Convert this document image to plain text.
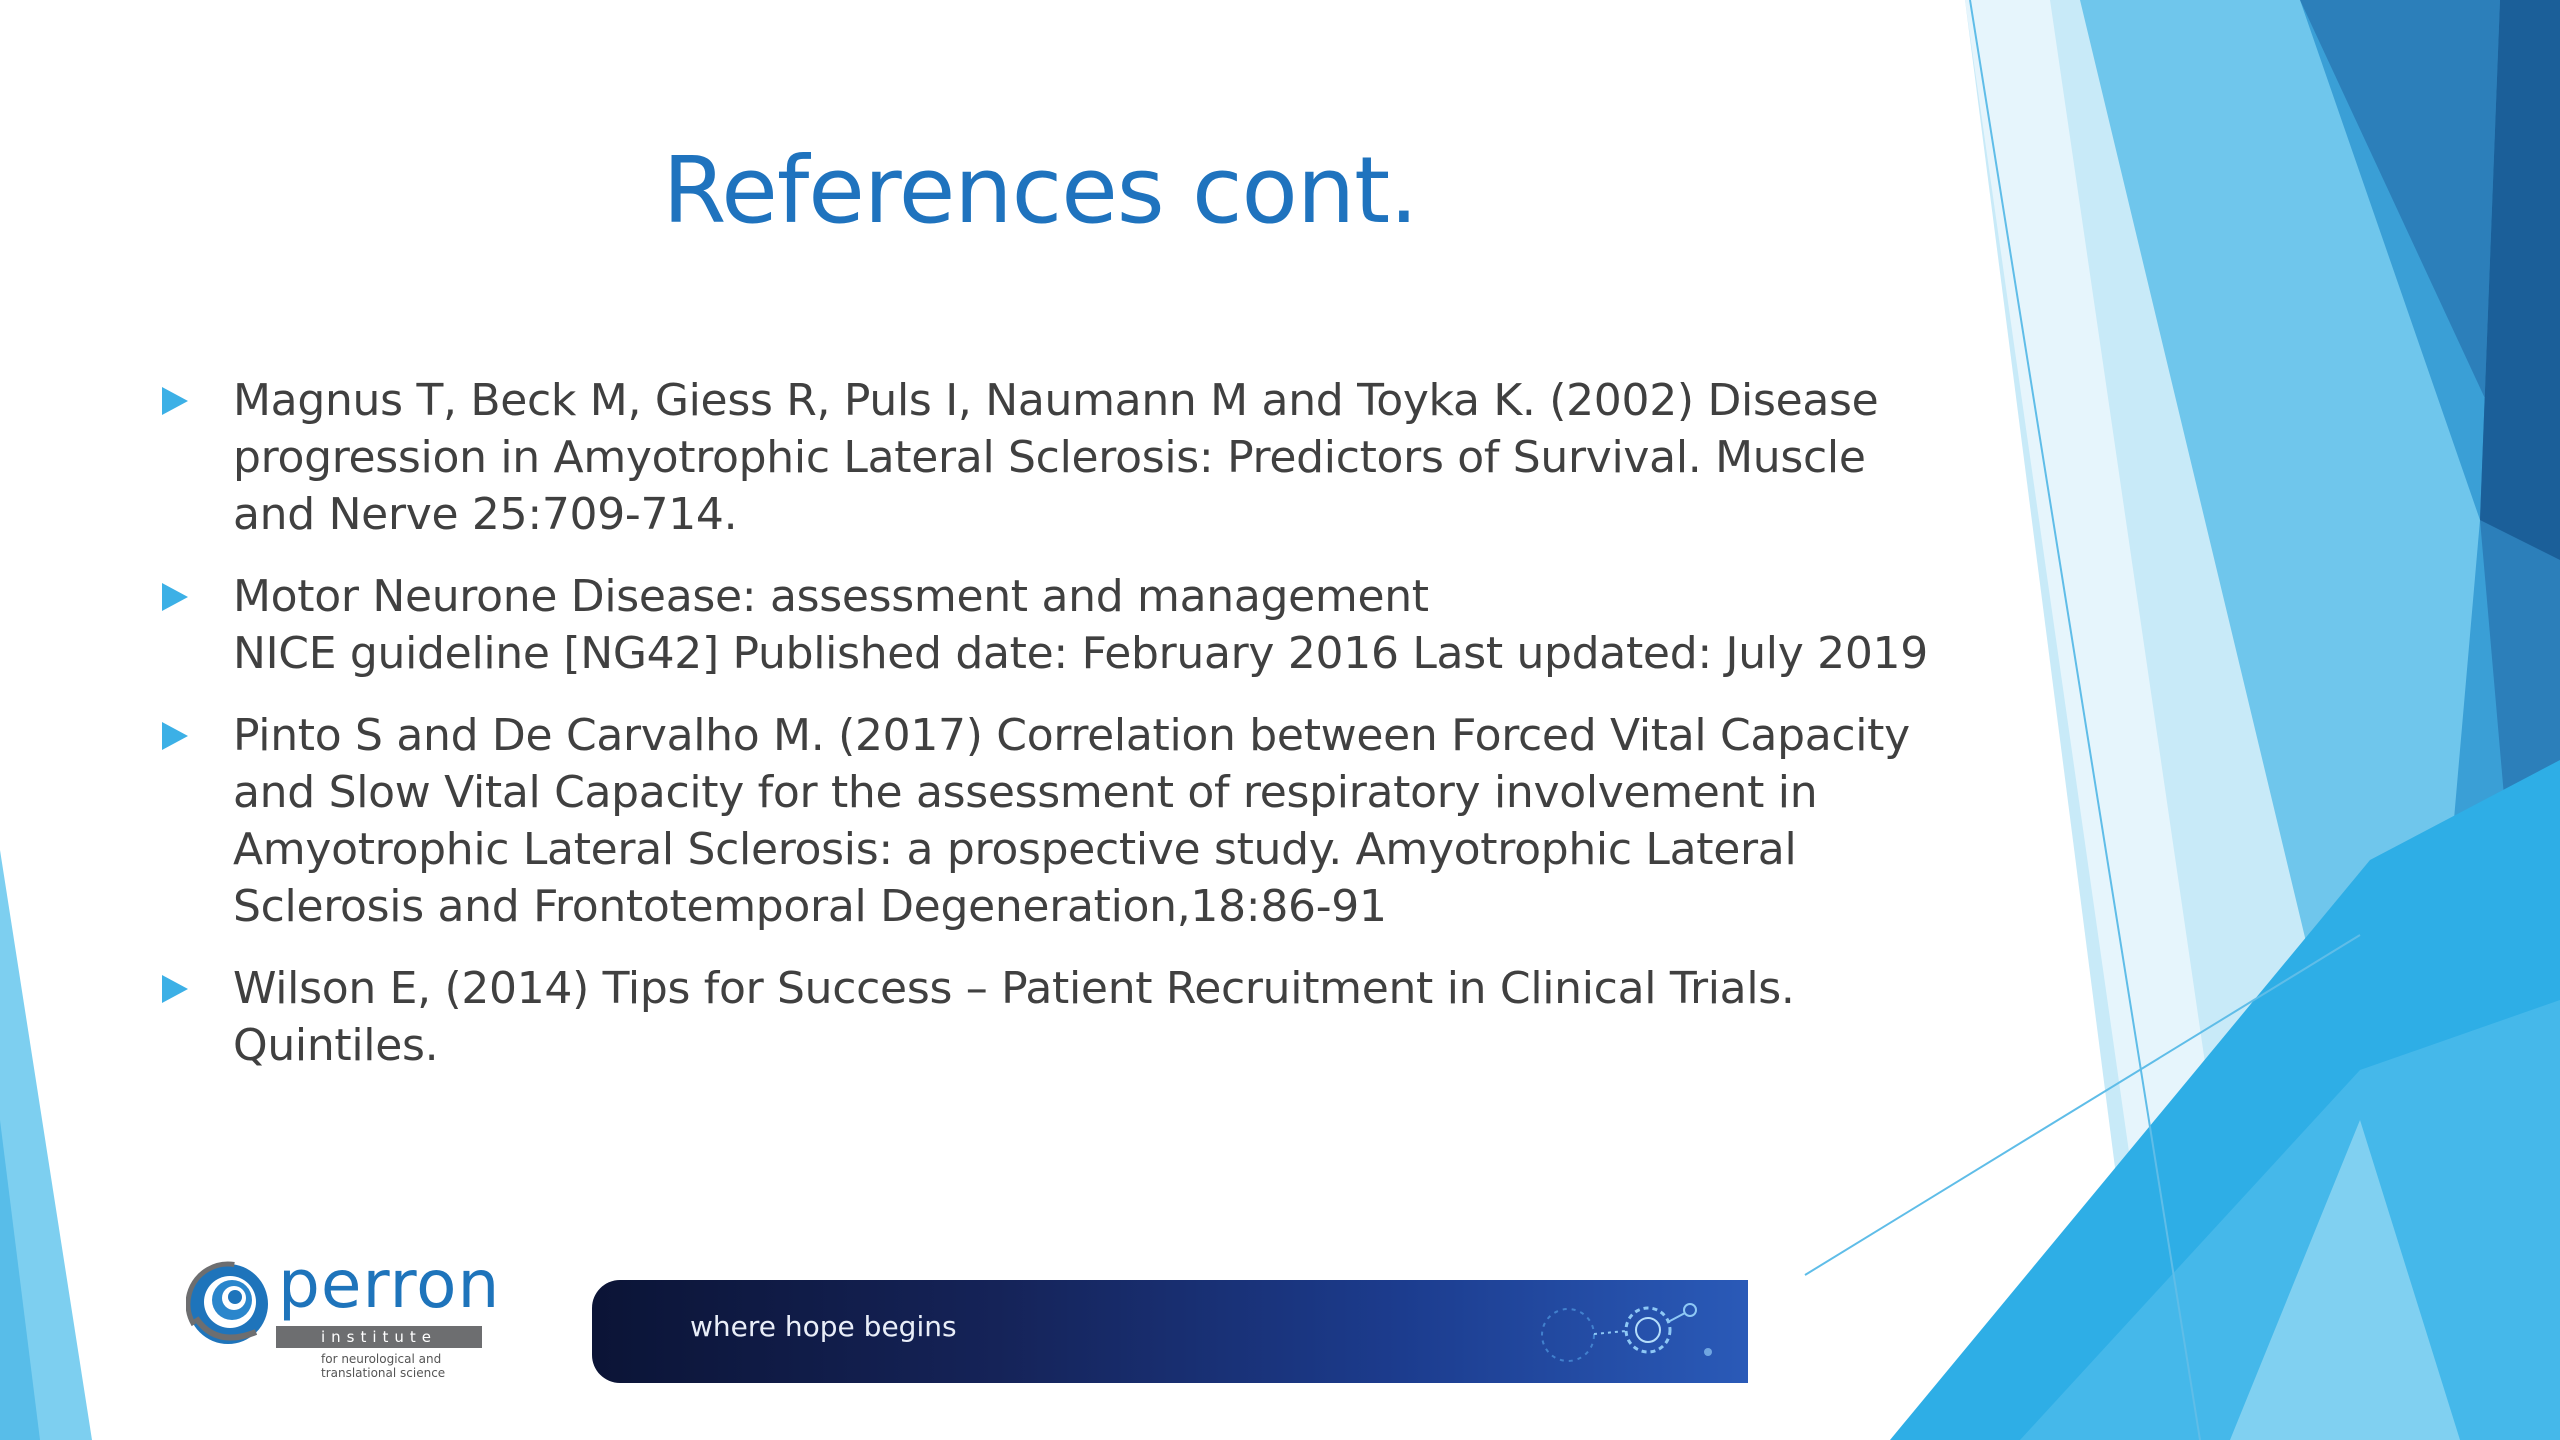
References cont.
Magnus T, Beck M, Giess R, Puls I, Naumann M and Toyka K. (2002) Disease
progression in Amyotrophic Lateral Sclerosis: Predictors of Survival. Muscle
and Nerve 25:709-714.
Motor Neurone Disease: assessment and management
NICE guideline [NG42] Published date: February 2016 Last updated: July 2019
Pinto S and De Carvalho M. (2017) Correlation between Forced Vital Capacity
and Slow Vital Capacity for the assessment of respiratory involvement in
Amyotrophic Lateral Sclerosis: a prospective study. Amyotrophic Lateral
Sclerosis and Frontotemporal Degeneration,18:86-91
Wilson E, (2014) Tips for Success – Patient Recruitment in Clinical Trials.
Quintiles.
perron
institute
for neurological and
translational science
where hope begins
